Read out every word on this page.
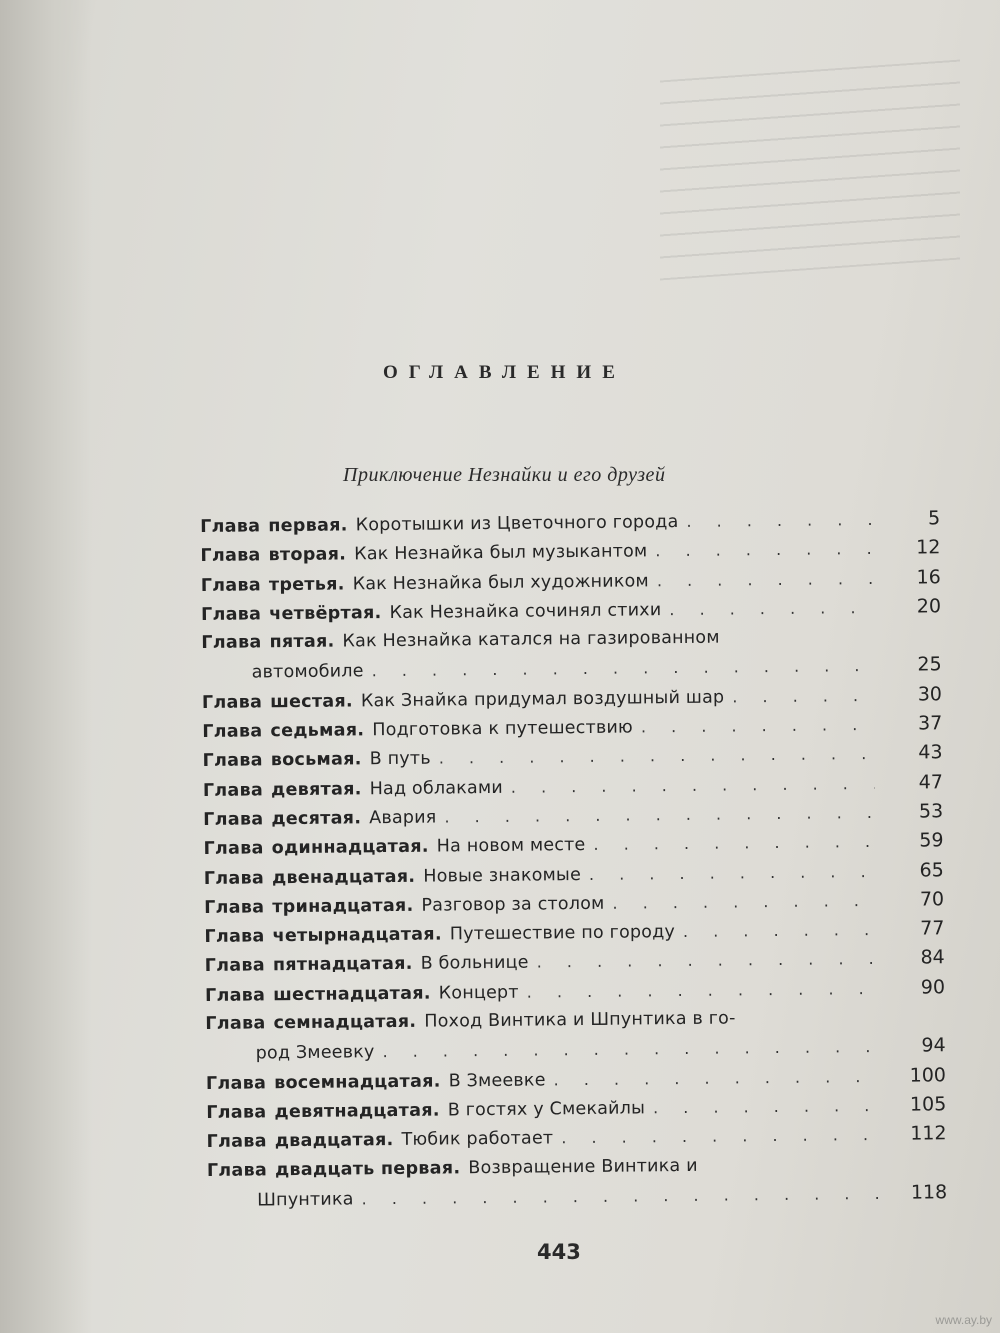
ОГЛАВЛЕНИЕ
Приключение Незнайки и его друзей
Глава первая. Коротышки из Цветочного города . . .	5
Глава вторая. Как Незнайка был музыкантом . . .	12
Глава третья. Как Незнайка был художником . . .	16
Глава четвёртая. Как Незнайка сочинял стихи . . .	20
Глава пятая. Как Незнайка катался на газированном
автомобиле . . .	25
Глава шестая. Как Знайка придумал воздушный шар . . .	30
Глава седьмая. Подготовка к путешествию . . .	37
Глава восьмая. В путь . . .	43
Глава девятая. Над облаками . . .	47
Глава десятая. Авария . . .	53
Глава одиннадцатая. На новом месте . . .	59
Глава двенадцатая. Новые знакомые . . .	65
Глава тринадцатая. Разговор за столом . . .	70
Глава четырнадцатая. Путешествие по городу . . .	77
Глава пятнадцатая. В больнице . . .	84
Глава шестнадцатая. Концерт . . .	90
Глава семнадцатая. Поход Винтика и Шпунтика в го-
род Змеевку . . .	94
Глава восемнадцатая. В Змеевке . . .	100
Глава девятнадцатая. В гостях у Смекайлы . . .	105
Глава двадцатая. Тюбик работает . . .	112
Глава двадцать первая. Возвращение Винтика и
Шпунтика . . .	118
443
www.ay.by
